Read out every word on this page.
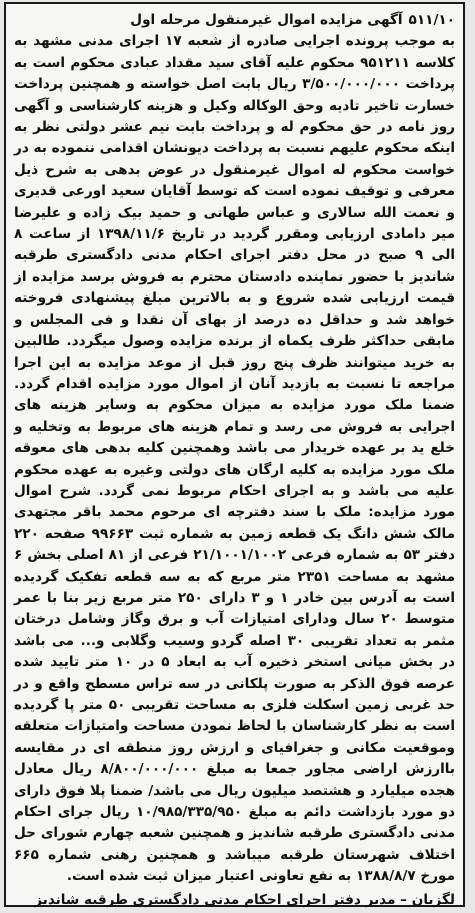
۵۱۱/۱۰آگهی مزایده اموال غیرمنقول مرحله اول

به موجب پرونده اجرایی صادره از شعبه ۱۷ اجرای مدنی مشهد به کلاسه ۹۵۱۲۱۱ محکوم علیه آقای سید مقداد عبادی محکوم است به پرداخت ۳/۵۰۰/۰۰۰/۰۰۰ ریال بابت اصل خواسته و همچنین پرداخت خسارت تاخیر تادیه وحق الوکاله وکیل و هزینه کارشناسی و آگهی روز نامه در حق محکوم له و پرداخت بابت نیم عشر دولتی نظر به اینکه محکوم علیهم نسبت به پرداخت دیونشان اقدامی ننموده به در خواست محکوم له اموال غیرمنقول در عوض بدهی به شرح ذیل معرفی و توقیف نموده است که توسط آقایان سعید اورعی قدیری و نعمت الله سالاری و عباس طهانی و حمید بیک زاده و علیرضا میر دامادی ارزیابی ومقرر گردید در تاریخ ۱۳۹۸/۱۱/۶ از ساعت ۸ الی ۹ صبح در محل دفتر اجرای احکام مدنی دادگستری طرقبه شاندیز با حضور نماینده دادستان محترم به فروش برسد مزایده از قیمت ارزیابی شده شروع و به بالاترین مبلغ پیشنهادی فروخته خواهد شد و حداقل ده درصد از بهای آن نقدا و فی المجلس و مابقی حداکثر ظرف یکماه از برنده مزایده وصول میگردد. طالبین به خرید میتوانند ظرف پنج روز قبل از موعد مزایده به این اجرا مراجعه تا نسبت به بازدید آنان از اموال مورد مزایده اقدام گردد. ضمنا ملک مورد مزایده به میزان محکوم به وسایر هزینه های اجرایی به فروش می رسد و تمام هزینه های مربوط به وتخلیه و خلع ید بر عهده خریدار می باشد وهمچنین کلیه بدهی های معوقه ملک مورد مزایده به کلیه ارگان های دولتی وغیره به عهده محکوم علیه می باشد و به اجرای احکام مربوط نمی گردد. شرح اموال مورد مزایده: ملک با سند دفترچه ای مرحوم محمد باقر مجتهدی مالک شش دانگ یک قطعه زمین به شماره ثبت ۹۹۶۶۳ صفحه ۲۲۰ دفتر ۵۳ به شماره فرعی ۲۱/۱۰۰۱/۱۰۰۲ فرعی از ۸۱ اصلی بخش ۶ مشهد به مساحت ۲۳۵۱ متر مربع که به سه قطعه تفکیک گردیده است به آدرس بین خادر ۱ و ۳ دارای ۲۵۰ متر مربع زیر بنا با عمر متوسط ۲۰ سال ودارای امتیازات آب و برق وگاز وشامل درختان مثمر به تعداد تقریبی ۳۰ اصله گردو وسیب وگلابی و... می باشد در بخش میانی استخر ذخیره آب به ابعاد ۵ در ۱۰ متر تایید شده عرصه فوق الذکر به صورت پلکانی در سه تراس مسطح واقع و در حد غربی زمین اسکلت فلزی به مساحت تقریبی ۵۰ متر پا گردیده است به نظر کارشناسان با لحاظ نمودن مساحت وامتیازات متعلقه وموقعیت مکانی و جغرافیای و ارزش روز منطقه ای در مقایسه باارزش اراضی مجاور جمعا به مبلغ ۸/۸۰۰/۰۰۰/۰۰۰ ریال معادل هجده میلیارد و هشتصد میلیون ریال می باشد/ ضمنا پلا فوق دارای دو مورد بازداشت دائم به مبلغ ۱۰/۹۸۵/۳۳۵/۹۵۰ ریال جرای احکام مدنی دادگستری طرقبه شاندیز و همچنین شعبه چهارم شورای حل اختلاف شهرستان طرقبه میباشد و همچنین رهنی شماره ۶۶۵ مورخ ۱۳۸۸/۸/۷ به نفع تعاونی اعتبار میزان ثبت شده است.

لگزیان – مدیر دفتر اجرای احکام مدنی دادگستری طرقبه شاندیز
